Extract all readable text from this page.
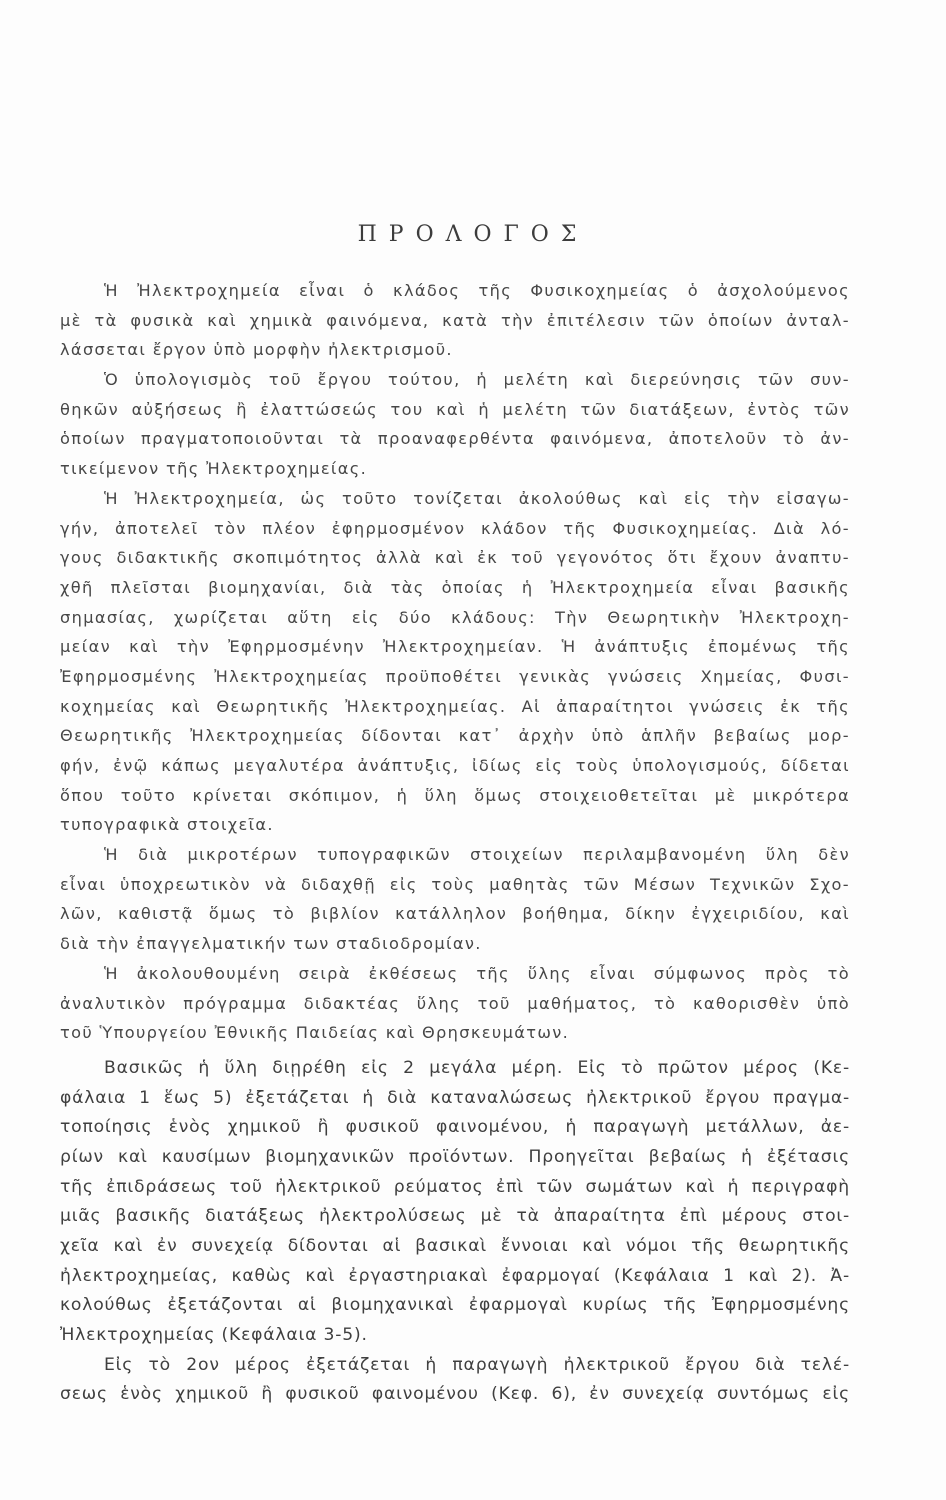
ΠΡΟΛΟΓΟΣ
Ἡ Ἠλεκτροχημεία εἶναι ὁ κλάδος τῆς Φυσικοχημείας ὁ ἀσχολούμενος
μὲ τὰ φυσικὰ καὶ χημικὰ φαινόμενα, κατὰ τὴν ἐπιτέλεσιν τῶν ὁποίων ἀνταλ-
λάσσεται ἔργον ὑπὸ μορφὴν ἠλεκτρισμοῦ.
Ὁ ὑπολογισμὸς τοῦ ἔργου τούτου, ἡ μελέτη καὶ διερεύνησις τῶν συν-
θηκῶν αὐξήσεως ἢ ἐλαττώσεώς του καὶ ἡ μελέτη τῶν διατάξεων, ἐντὸς τῶν
ὁποίων πραγματοποιοῦνται τὰ προαναφερθέντα φαινόμενα, ἀποτελοῦν τὸ ἀν-
τικείμενον τῆς Ἠλεκτροχημείας.
Ἡ Ἠλεκτροχημεία, ὡς τοῦτο τονίζεται ἀκολούθως καὶ εἰς τὴν εἰσαγω-
γήν, ἀποτελεῖ τὸν πλέον ἐφηρμοσμένον κλάδον τῆς Φυσικοχημείας. Διὰ λό-
γους διδακτικῆς σκοπιμότητος ἀλλὰ καὶ ἐκ τοῦ γεγονότος ὅτι ἔχουν ἀναπτυ-
χθῆ πλεῖσται βιομηχανίαι, διὰ τὰς ὁποίας ἡ Ἠλεκτροχημεία εἶναι βασικῆς
σημασίας, χωρίζεται αὕτη εἰς δύο κλάδους: Τὴν Θεωρητικὴν Ἠλεκτροχη-
μείαν καὶ τὴν Ἐφηρμοσμένην Ἠλεκτροχημείαν. Ἡ ἀνάπτυξις ἐπομένως τῆς
Ἐφηρμοσμένης Ἠλεκτροχημείας προϋποθέτει γενικὰς γνώσεις Χημείας, Φυσι-
κοχημείας καὶ Θεωρητικῆς Ἠλεκτροχημείας. Αἱ ἀπαραίτητοι γνώσεις ἐκ τῆς
Θεωρητικῆς Ἠλεκτροχημείας δίδονται κατ᾽ ἀρχὴν ὑπὸ ἁπλῆν βεβαίως μορ-
φήν, ἐνῷ κάπως μεγαλυτέρα ἀνάπτυξις, ἰδίως εἰς τοὺς ὑπολογισμούς, δίδεται
ὅπου τοῦτο κρίνεται σκόπιμον, ἡ ὕλη ὅμως στοιχειοθετεῖται μὲ μικρότερα
τυπογραφικὰ στοιχεῖα.
Ἡ διὰ μικροτέρων τυπογραφικῶν στοιχείων περιλαμβανομένη ὕλη δὲν
εἶναι ὑποχρεωτικὸν νὰ διδαχθῇ εἰς τοὺς μαθητὰς τῶν Μέσων Τεχνικῶν Σχο-
λῶν, καθιστᾷ ὅμως τὸ βιβλίον κατάλληλον βοήθημα, δίκην ἐγχειριδίου, καὶ
διὰ τὴν ἐπαγγελματικήν των σταδιοδρομίαν.
Ἡ ἀκολουθουμένη σειρὰ ἐκθέσεως τῆς ὕλης εἶναι σύμφωνος πρὸς τὸ
ἀναλυτικὸν πρόγραμμα διδακτέας ὕλης τοῦ μαθήματος, τὸ καθορισθὲν ὑπὸ
τοῦ Ὑπουργείου Ἐθνικῆς Παιδείας καὶ Θρησκευμάτων.
Βασικῶς ἡ ὕλη διῃρέθη εἰς 2 μεγάλα μέρη. Εἰς τὸ πρῶτον μέρος (Κε-
φάλαια 1 ἕως 5) ἐξετάζεται ἡ διὰ καταναλώσεως ἠλεκτρικοῦ ἔργου πραγμα-
τοποίησις ἑνὸς χημικοῦ ἢ φυσικοῦ φαινομένου, ἡ παραγωγὴ μετάλλων, ἀε-
ρίων καὶ καυσίμων βιομηχανικῶν προϊόντων. Προηγεῖται βεβαίως ἡ ἐξέτασις
τῆς ἐπιδράσεως τοῦ ἠλεκτρικοῦ ρεύματος ἐπὶ τῶν σωμάτων καὶ ἡ περιγραφὴ
μιᾶς βασικῆς διατάξεως ἠλεκτρολύσεως μὲ τὰ ἀπαραίτητα ἐπὶ μέρους στοι-
χεῖα καὶ ἐν συνεχείᾳ δίδονται αἱ βασικαὶ ἔννοιαι καὶ νόμοι τῆς θεωρητικῆς
ἠλεκτροχημείας, καθὼς καὶ ἐργαστηριακαὶ ἐφαρμογαί (Κεφάλαια 1 καὶ 2). Ἀ-
κολούθως ἐξετάζονται αἱ βιομηχανικαὶ ἐφαρμογαὶ κυρίως τῆς Ἐφηρμοσμένης
Ἠλεκτροχημείας (Κεφάλαια 3-5).
Εἰς τὸ 2ον μέρος ἐξετάζεται ἡ παραγωγὴ ἠλεκτρικοῦ ἔργου διὰ τελέ-
σεως ἑνὸς χημικοῦ ἢ φυσικοῦ φαινομένου (Κεφ. 6), ἐν συνεχείᾳ συντόμως εἰς
